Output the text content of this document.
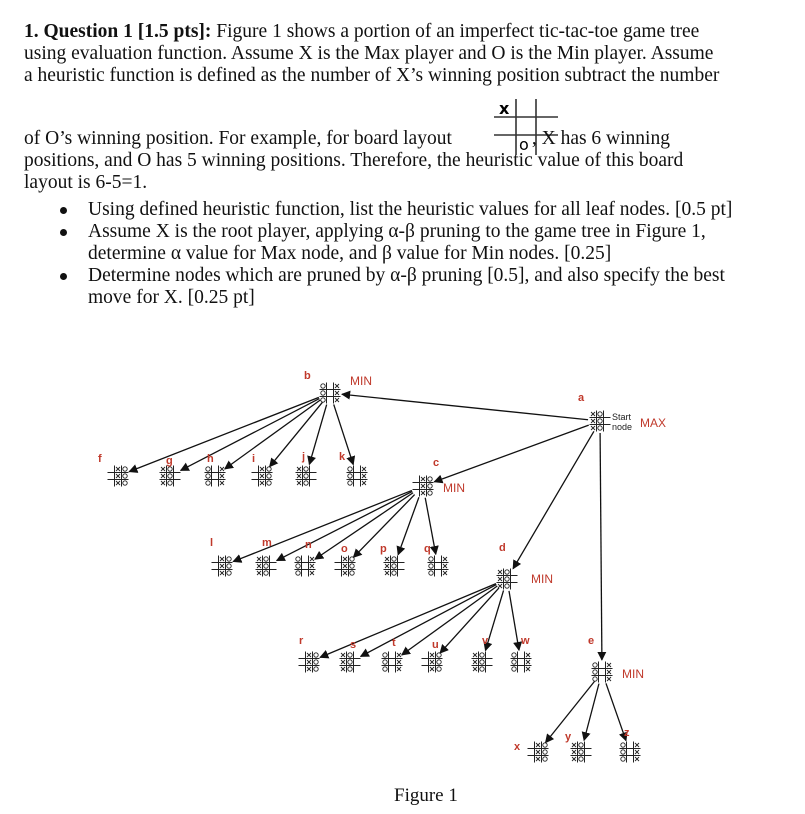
1. Question 1 [1.5 pts]: Figure 1 shows a portion of an imperfect tic-tac-toe game tree

using evaluation function. Assume X is the Max player and O is the Min player. Assume

a heuristic function is defined as the number of X’s winning position subtract the number

x
o

of O’s winning position. For example, for board layout	, X has 6 winning

positions, and O has 5 winning positions. Therefore, the heuristic value of this board

layout is 6-5=1.

Using defined heuristic function, list the heuristic values for all leaf nodes. [0.5 pt]
Assume X is the root player, applying α-β pruning to the game tree in Figure 1,
determine α value for Max node, and β value for Min nodes. [0.25]
Determine nodes which are pruned by α-β pruning [0.5], and also specify the best
move for X. [0.25 pt]
a
b
c
d
e
f	g	h	i	j	k
l	m	n	o	p	q
r	s	t	u	v	w
x
y	z
MIN
MIN
MIN
MIN
MAX
Start
node
Figure 1
